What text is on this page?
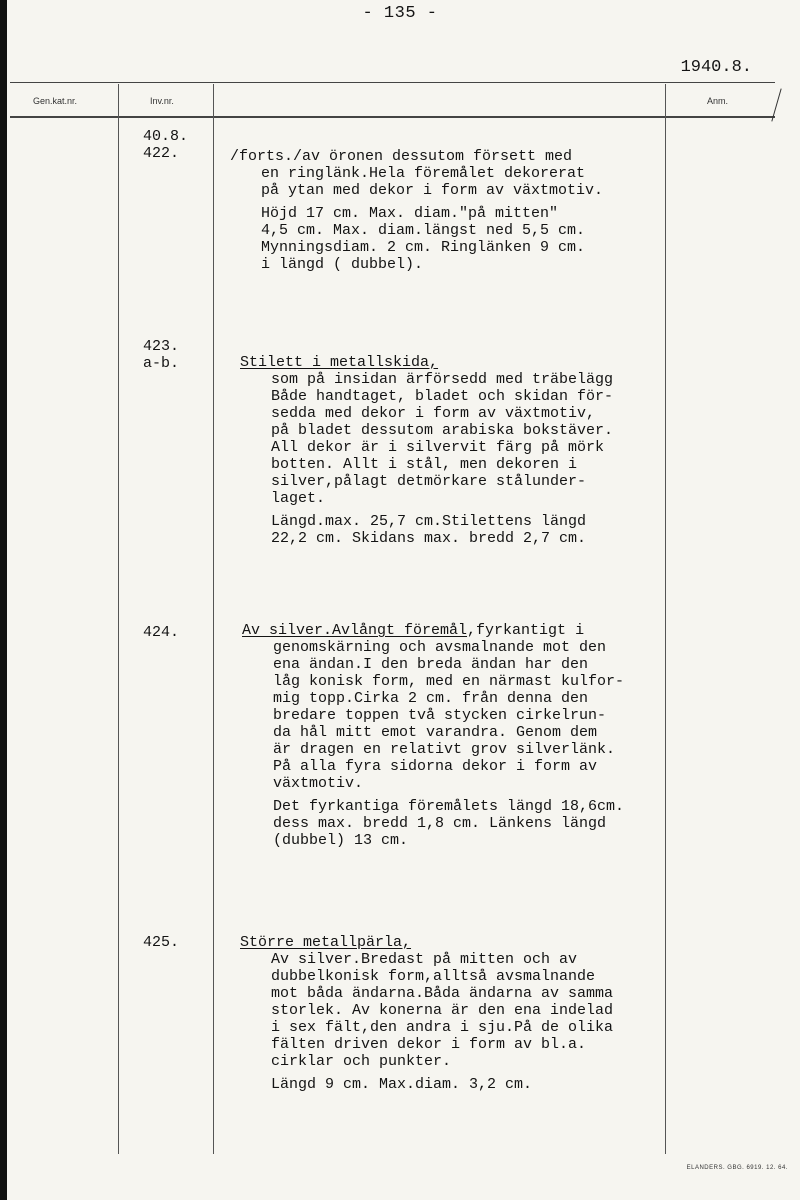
- 135 -
1940.8.
Gen.kat.nr.	Inv.nr.	Anm.
40.8.
422.	/forts./av öronen dessutom försett med
en ringlänk.Hela föremålet dekorerat
på ytan med dekor i form av växtmotiv.
Höjd 17 cm. Max. diam."på mitten"
4,5 cm. Max. diam.längst ned 5,5 cm.
Mynningsdiam. 2 cm. Ringlänken 9 cm.
i längd ( dubbel).
423.
a-b.	Stilett i metallskida,
som på insidan ärförsedd med träbelägg
Både handtaget, bladet och skidan för-
sedda med dekor i form av växtmotiv,
på bladet dessutom arabiska bokstäver.
All dekor är i silvervit färg på mörk
botten. Allt i stål, men dekoren i
silver,pålagt detmörkare stålunder-
laget.
Längd.max. 25,7 cm.Stilettens längd
22,2 cm. Skidans max. bredd 2,7 cm.
424.	Av silver.Avlångt föremål,fyrkantigt i
genomskärning och avsmalnande mot den
ena ändan.I den breda ändan har den
låg konisk form, med en närmast kulfor-
mig topp.Cirka 2 cm. från denna den
bredare toppen två stycken cirkelrun-
da hål mitt emot varandra. Genom dem
är dragen en relativt grov silverlänk.
På alla fyra sidorna dekor i form av
växtmotiv.
Det fyrkantiga föremålets längd 18,6cm.
dess max. bredd 1,8 cm. Länkens längd
(dubbel) 13 cm.
425.	Större metallpärla,
Av silver.Bredast på mitten och av
dubbelkonisk form,alltså avsmalnande
mot båda ändarna.Båda ändarna av samma
storlek. Av konerna är den ena indelad
i sex fält,den andra i sju.På de olika
fälten driven dekor i form av bl.a.
cirklar och punkter.
Längd 9 cm. Max.diam. 3,2 cm.
ELANDERS. GBG. 6919. 12. 64.
